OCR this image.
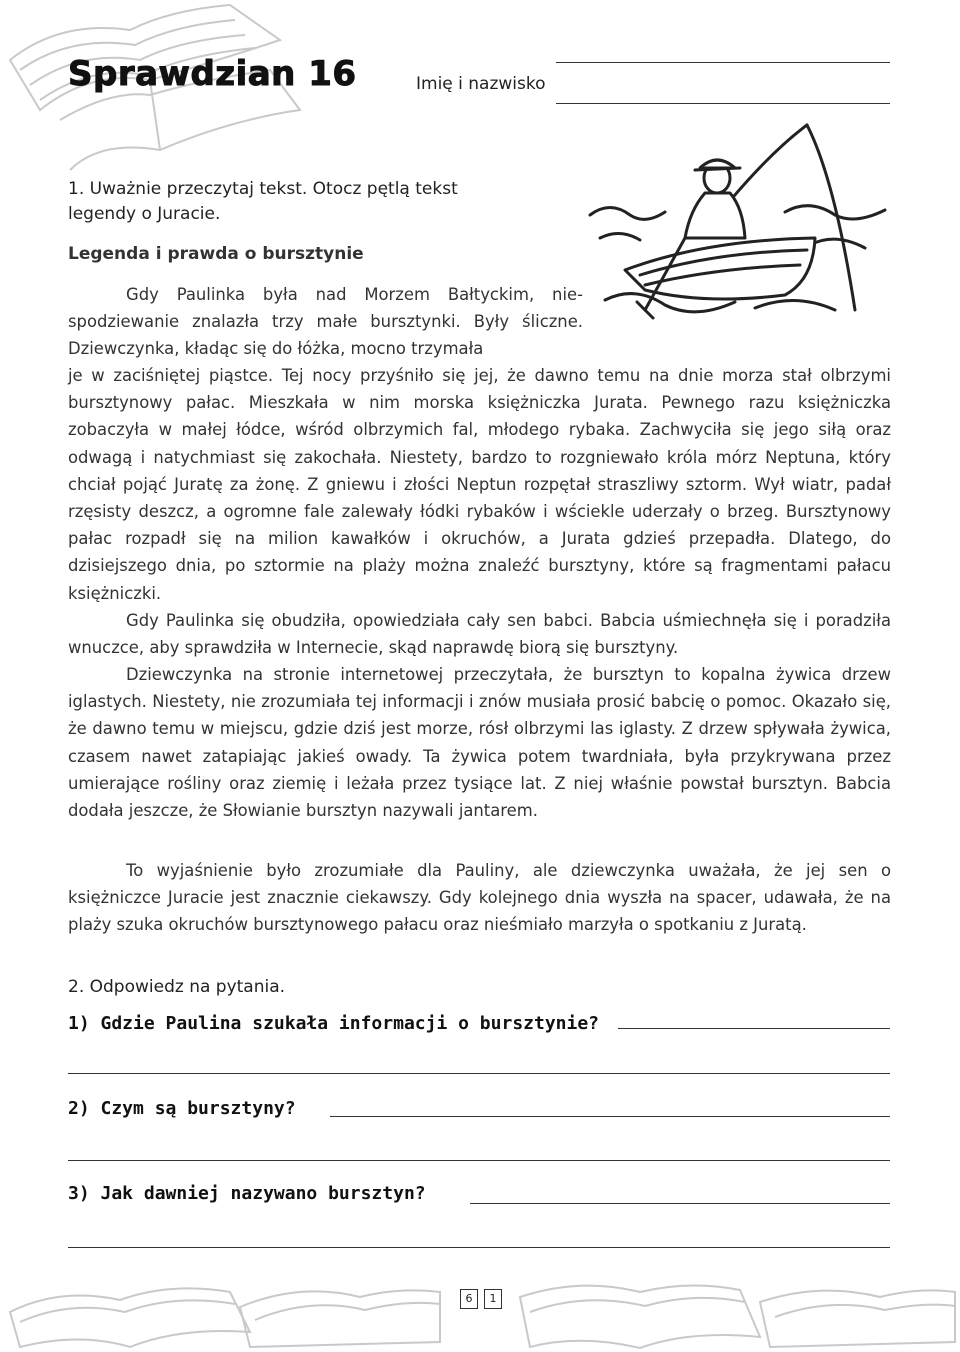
Sprawdzian 16	Imię i nazwisko
1. Uważnie przeczytaj tekst. Otocz pętlą tekst
legendy o Juracie.
Legenda i prawda o bursztynie

Gdy Paulinka była nad Morzem Bałtyckim, nie-spodziewanie znalazła trzy małe bursztynki. Były śliczne. Dziewczynka, kładąc się do łóżka, mocno trzymała

je w zaciśniętej piąstce. Tej nocy przyśniło się jej, że dawno temu na dnie morza stał olbrzymi bursztynowy pałac. Mieszkała w nim morska księżniczka Jurata. Pewnego razu księżniczka zobaczyła w małej łódce, wśród olbrzymich fal, młodego rybaka. Zachwyciła się jego siłą oraz odwagą i natychmiast się zakochała. Niestety, bardzo to rozgniewało króla mórz Neptuna, który chciał pojąć Juratę za żonę. Z gniewu i złości Neptun rozpętał straszliwy sztorm. Wył wiatr, padał rzęsisty deszcz, a ogromne fale zalewały łódki rybaków i wściekle uderzały o brzeg. Bursztynowy pałac rozpadł się na milion kawałków i okruchów, a Jurata gdzieś przepadła. Dlatego, do dzisiejszego dnia, po sztormie na plaży można znaleźć bursztyny, które są fragmentami pałacu księżniczki.

Gdy Paulinka się obudziła, opowiedziała cały sen babci. Babcia uśmiechnęła się i poradziła wnuczce, aby sprawdziła w Internecie, skąd naprawdę biorą się bursztyny.

Dziewczynka na stronie internetowej przeczytała, że bursztyn to kopalna żywica drzew iglastych. Niestety, nie zrozumiała tej informacji i znów musiała prosić babcię o pomoc. Okazało się, że dawno temu w miejscu, gdzie dziś jest morze, rósł olbrzymi las iglasty. Z drzew spływała żywica, czasem nawet zatapiając jakieś owady. Ta żywica potem twardniała, była przykrywana przez umierające rośliny oraz ziemię i leżała przez tysiące lat. Z niej właśnie powstał bursztyn. Babcia dodała jeszcze, że Słowianie bursztyn nazywali jantarem.

To wyjaśnienie było zrozumiałe dla Pauliny, ale dziewczynka uważała, że jej sen o księżniczce Juracie jest znacznie ciekawszy. Gdy kolejnego dnia wyszła na spacer, udawała, że na plaży szuka okruchów bursztynowego pałacu oraz nieśmiało marzyła o spotkaniu z Juratą.

2. Odpowiedz na pytania.
1) Gdzie Paulina szukała informacji o bursztynie?
2) Czym są bursztyny?
3) Jak dawniej nazywano bursztyn?
6	1
